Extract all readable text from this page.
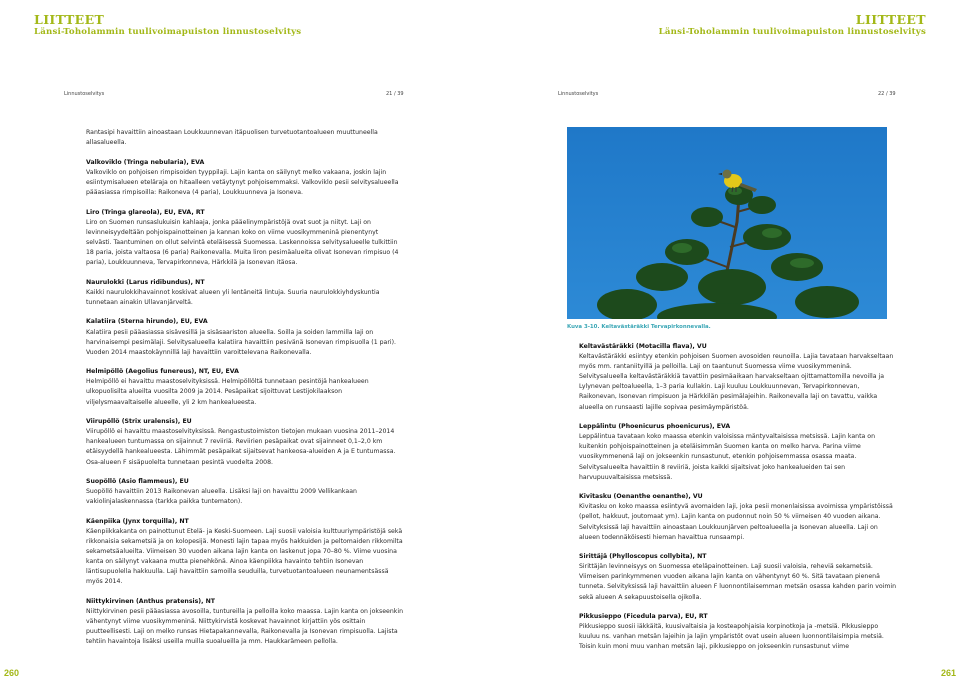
LIITTEET
Länsi-Toholammin tuulivoimapuiston linnustoselvitys
Linnustoselvitys	21 / 39

Rantasipi havaittiin ainoastaan Loukkuunnevan itäpuolisen turvetuotantoalueen muuttuneella allasalueella.

Valkoviklo (Tringa nebularia), EVA
Valkoviklo on pohjoisen rimpisoiden tyyppilaji. Lajin kanta on säilynyt melko vakaana, joskin lajin esiintymisalueen eteläraja on hitaalleen vetäytynyt pohjoisemmaksi. Valkoviklo pesii selvitysalueella pääasiassa rimpisoilla: Raikoneva (4 paria), Loukkuunneva ja Isoneva.

Liro (Tringa glareola), EU, EVA, RT
Liro on Suomen runsaslukuisin kahlaaja, jonka pääelinympäristöjä ovat suot ja niityt. Laji on levinneisyydeltään pohjoispainotteinen ja kannan koko on viime vuosikymmeninä pienentynyt selvästi. Taantuminen on ollut selvintä eteläisessä Suomessa. Laskennoissa selvitysalueelle tulkittiin 18 paria, joista valtaosa (6 paria) Raikonevalla. Muita liron pesimäalueita olivat Isonevan rimpisuo (4 paria), Loukkuunneva, Tervapirkonneva, Härkkilä ja Isonevan itäosa.

Naurulokki (Larus ridibundus), NT
Kaikki naurulokkihavainnot koskivat alueen yli lentäneitä lintuja. Suuria naurulokkiyhdyskuntia tunnetaan ainakin Ullavanjärveltä.

Kalatiira (Sterna hirundo), EU, EVA
Kalatiira pesii pääasiassa sisävesillä ja sisäsaariston alueella. Soilla ja soiden lammilla laji on harvinaisempi pesimälaji. Selvitysalueella kalatiira havaittiin pesivänä Isonevan rimpisuolla (1 pari). Vuoden 2014 maastokäynnillä laji havaittiin varoittelevana Raikonevalla.

Helmipöllö (Aegolius funereus), NT, EU, EVA
Helmipöllö ei havaittu maastoselvityksissä. Helmipöllöltä tunnetaan pesintöjä hankealueen ulkopuolisilta alueilta vuosilta 2009 ja 2014. Pesäpaikat sijoittuvat Lestijokilaakson viljelysmaavaltaiselle alueelle, yli 2 km hankealueesta.

Viirupöllö (Strix uralensis), EU
Viirupöllö ei havaittu maastoselvityksissä. Rengastustoimiston tietojen mukaan vuosina 2011–2014 hankealueen tuntumassa on sijainnut 7 reviiriä. Reviirien pesäpaikat ovat sijainneet 0,1–2,0 km etäisyydellä hankealueesta. Lähimmät pesäpaikat sijaitsevat hankeosa-alueiden A ja E tuntumassa. Osa-alueen F sisäpuolelta tunnetaan pesintä vuodelta 2008.

Suopöllö (Asio flammeus), EU
Suopöllö havaittiin 2013 Raikonevan alueella. Lisäksi laji on havaittu 2009 Vellikankaan vakiolinjalaskennassa (tarkka paikka tuntematon).

Käenpiika (Jynx torquilla), NT
Käenpiikkakanta on painottunut Etelä- ja Keski-Suomeen. Laji suosii valoisia kulttuuriympäristöjä sekä rikkonaisia sekametsiä ja on kolopesijä. Monesti lajin tapaa myös hakkuiden ja peltomaiden rikkomilta sekametsäalueilta. Viimeisen 30 vuoden aikana lajin kanta on laskenut jopa 70–80 %. Viime vuosina kanta on säilynyt vakaana mutta pienehkönä. Ainoa käenpiikka havainto tehtiin Isonevan läntisupuolella hakkuulla. Laji havaittiin samoilla seuduilla, turvetuotantoalueen neunamentsässä myös 2014.

Niittykirvinen (Anthus pratensis), NT
Niittykirvinen pesii pääasiassa avosoilla, tuntureilla ja pelloilla koko maassa. Lajin kanta on jokseenkin vähentynyt viime vuosikymmeninä. Niittykirvistä koskevat havainnot kirjattiin yös osittain puutteellisesti. Laji on melko runsas Hietapakannevalla, Raikonevalla ja Isonevan rimpisuolla. Lajista tehtiin havaintoja lisäksi useilla muilla suoalueilla ja mm. Haukkarämeen pellolla.

260
LIITTEET
Länsi-Toholammin tuulivoimapuiston linnustoselvitys
Linnustoselvitys	22 / 39
Kuva 3-10. Keltavästäräkki Tervapirkonnevalla.

Keltavästäräkki (Motacilla flava), VU
Keltavästäräkki esiintyy etenkin pohjoisen Suomen avosoiden reunoilla. Lajia tavataan harvakseltaan myös mm. rantaniityillä ja pelloilla. Laji on taantunut Suomessa viime vuosikymmeninä. Selvitysalueella keltavästäräkkiä tavattiin pesimäaikaan harvakseltaan ojittamattomilla nevoilla ja Lylynevan peltoalueella, 1–3 paria kullakin. Laji kuuluu Loukkuunnevan, Tervapirkonnevan, Raikonevan, Isonevan rimpisuon ja Härkkilän pesimälajeihin. Raikonevalla laji on tavattu, vaikka alueella on runsaasti lajille sopivaa pesimäympäristöä.

Leppälintu (Phoenicurus phoenicurus), EVA
Leppälintua tavataan koko maassa etenkin valoisissa mäntyvaltaisissa metsissä. Lajin kanta on kuitenkin pohjoispainotteinen ja eteläisimmän Suomen kanta on melko harva. Parina viime vuosikymmenenä laji on jokseenkin runsastunut, etenkin pohjoisemmassa osassa maata. Selvitysalueelta havaittiin 8 reviiriä, joista kaikki sijaitsivat joko hankealueiden tai sen harvupuuvaltaisissa metsissä.

Kivitasku (Oenanthe oenanthe), VU
Kivitasku on koko maassa esiintyvä avomaiden laji, joka pesii monenlaisissa avoimissa ympäristöissä (pellot, hakkuut, joutomaat ym). Lajin kanta on pudonnut noin 50 % viimeisen 40 vuoden aikana. Selvityksissä laji havaittiin ainoastaan Loukkuunjärven peltoalueella ja Isonevan alueella. Laji on alueen todennäköisesti hieman havaittua runsaampi.

Sirittäjä (Phylloscopus collybita), NT
Sirittäjän levinneisyys on Suomessa eteläpainotteinen. Laji suosii valoisia, reheviä sekametsiä. Viimeisen parinkymmenen vuoden aikana lajin kanta on vähentynyt 60 %. Sitä tavataan pienenä tunneta. Selvityksissä laji havaittiin alueen F luonnontilaisemman metsän osassa kahden parin voimin sekä alueen A sekapuustoisella ojikolla.

Pikkusieppo (Ficedula parva), EU, RT
Pikkusieppo suosii iäkkäitä, kuusivaltaisia ja kosteapohjaisia korpinotkoja ja -metsiä. Pikkusieppo kuuluu ns. vanhan metsän lajeihin ja lajin ympäristöt ovat usein alueen luonnontilaisimpia metsiä. Toisin kuin moni muu vanhan metsän laji, pikkusieppo on jokseenkin runsastunut viime

261
